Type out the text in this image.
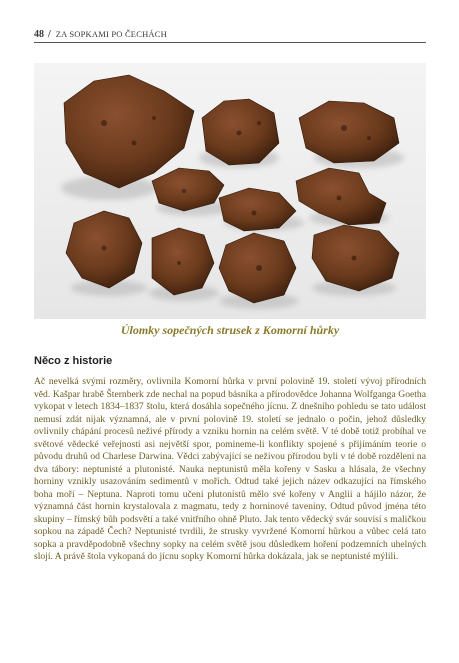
48 / ZA SOPKAMI PO ČECHÁCH
Úlomky sopečných strusek z Komorní hůrky
Něco z historie

Ač nevelká svými rozměry, ovlivnila Komorní hůrka v první polovině 19. století vývoj přírodních věd. Kašpar hrabě Šternberk zde nechal na popud básníka a přírodovědce Johanna Wolfganga Goetha vykopat v letech 1834–1837 štolu, která dosáhla sopečného jícnu. Z dnešního pohledu se tato událost nemusí zdát nijak významná, ale v první polovině 19. století se jednalo o počin, jehož důsledky ovlivnily chápání procesů neživé přírody a vzniku hornin na celém světě. V té době totiž probíhal ve světové vědecké veřejnosti asi největší spor, pomineme-li konflikty spojené s přijímáním teorie o původu druhů od Charlese Darwina. Vědci zabývající se neživou přírodou byli v té době rozděleni na dva tábory: neptunisté a plutonisté. Nauka neptunistů měla kořeny v Sasku a hlásala, že všechny horniny vznikly usazováním sedimentů v mořích. Odtud také jejich název odkazující na římského boha moří – Neptuna. Naproti tomu učení plutonistů mělo své kořeny v Anglii a hájilo názor, že významná část hornin krystalovala z magmatu, tedy z horninové taveniny. Odtud původ jména této skupiny – římský bůh podsvětí a také vnitřního ohně Pluto. Jak tento vědecký svár souvisí s maličkou sopkou na západě Čech? Neptunisté tvrdili, že strusky vyvržené Komorní hůrkou a vůbec celá tato sopka a pravděpodobně všechny sopky na celém světě jsou důsledkem hoření podzemních uhelných slojí. A právě štola vykopaná do jícnu sopky Komorní hůrka dokázala, jak se neptunisté mýlili.
